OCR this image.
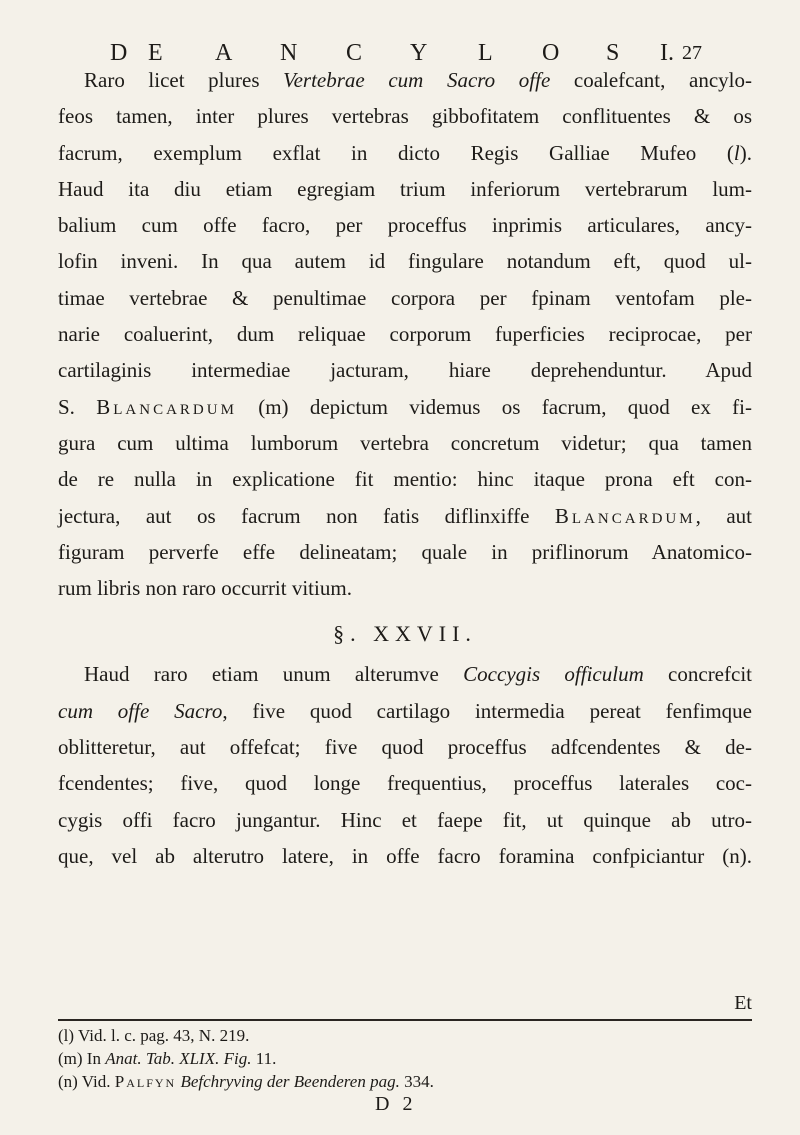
D E A N C Y L O S I. 27
Raro licet plures Vertebrae cum Sacro offe coalefcant, ancylo-
feos tamen, inter plures vertebras gibbofitatem conflituentes & os
facrum, exemplum exflat in dicto Regis Galliae Mufeo (l).
Haud ita diu etiam egregiam trium inferiorum vertebrarum lum-
balium cum offe facro, per proceffus inprimis articulares, ancy-
lofin inveni. In qua autem id fingulare notandum eft, quod ul-
timae vertebrae & penultimae corpora per fpinam ventofam ple-
narie coaluerint, dum reliquae corporum fuperficies reciprocae, per
cartilaginis intermediae jacturam, hiare deprehenduntur. Apud
S. Blancardum (m) depictum videmus os facrum, quod ex fi-
gura cum ultima lumborum vertebra concretum videtur; qua tamen
de re nulla in explicatione fit mentio: hinc itaque prona eft con-
jectura, aut os facrum non fatis diflinxiffe Blancardum, aut
figuram perverfe effe delineatam; quale in priflinorum Anatomico-
rum libris non raro occurrit vitium.
§. XXVII.
Haud raro etiam unum alterumve Coccygis officulum concrefcit
cum offe Sacro, five quod cartilago intermedia pereat fenfimque
oblitteretur, aut offefcat; five quod proceffus adfcendentes & de-
fcendentes; five, quod longe frequentius, proceffus laterales coc-
cygis offi facro jungantur. Hinc et faepe fit, ut quinque ab utro-
que, vel ab alterutro latere, in offe facro foramina confpiciantur (n).
Et
(l) Vid. l. c. pag. 43, N. 219.
(m) In Anat. Tab. XLIX. Fig. 11.
(n) Vid. Palfyn Befchryving der Beenderen pag. 334.
D 2
